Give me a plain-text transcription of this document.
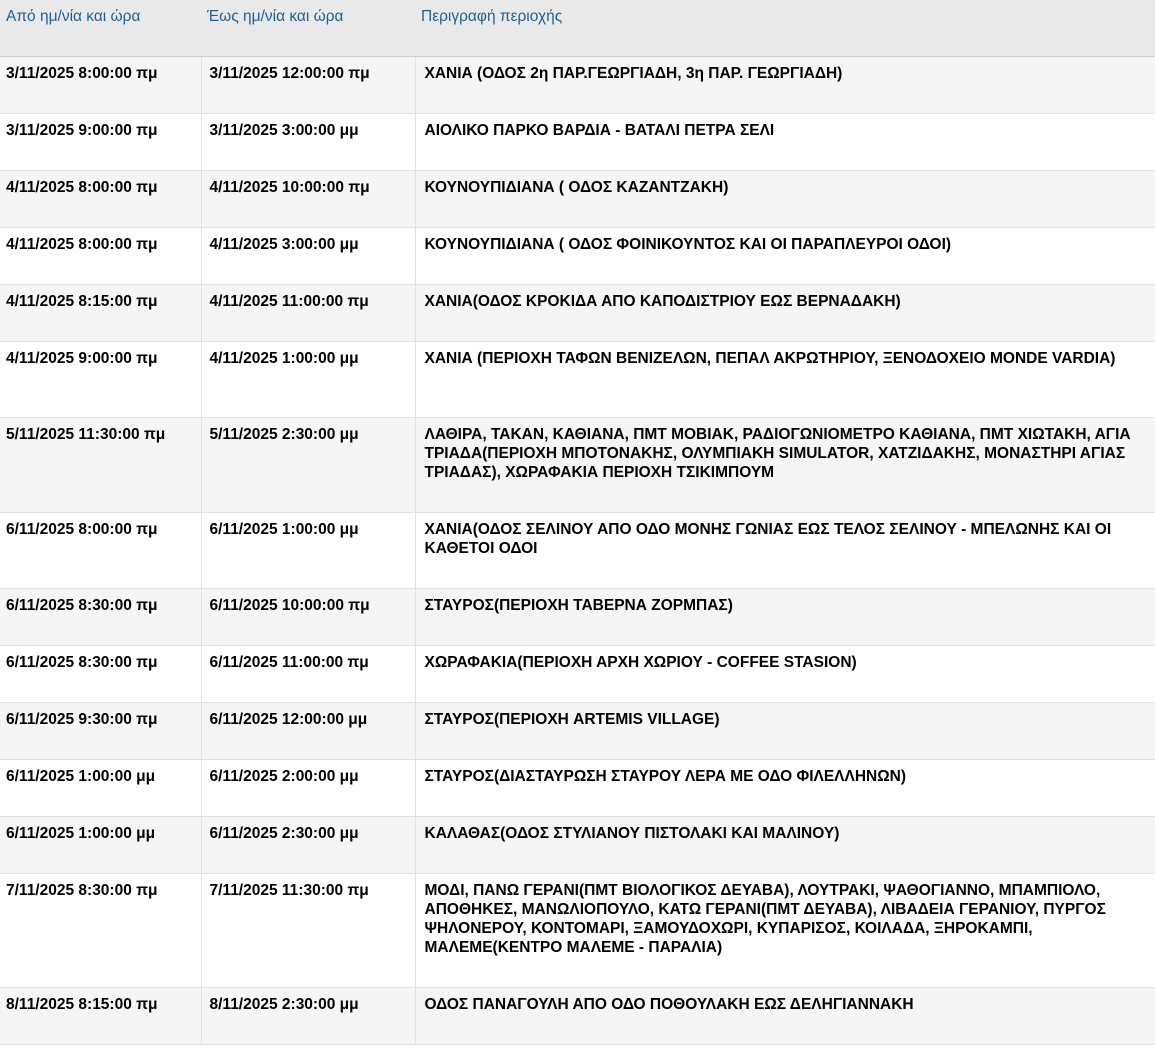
Από ημ/νία και ώρα	Έως ημ/νία και ώρα	Περιγραφή περιοχής
3/11/2025 8:00:00 πμ	3/11/2025 12:00:00 πμ	ΧΑΝΙΑ (ΟΔΟΣ 2η ΠΑΡ.ΓΕΩΡΓΙΑΔΗ, 3η ΠΑΡ. ΓΕΩΡΓΙΑΔΗ)
3/11/2025 9:00:00 πμ	3/11/2025 3:00:00 μμ	ΑΙΟΛΙΚΟ ΠΑΡΚΟ ΒΑΡΔΙΑ - ΒΑΤΑΛΙ ΠΕΤΡΑ ΣΕΛΙ
4/11/2025 8:00:00 πμ	4/11/2025 10:00:00 πμ	ΚΟΥΝΟΥΠΙΔΙΑΝΑ ( ΟΔΟΣ ΚΑΖΑΝΤΖΑΚΗ)
4/11/2025 8:00:00 πμ	4/11/2025 3:00:00 μμ	ΚΟΥΝΟΥΠΙΔΙΑΝΑ ( ΟΔΟΣ ΦΟΙΝΙΚΟΥΝΤΟΣ ΚΑΙ ΟΙ ΠΑΡΑΠΛΕΥΡΟΙ ΟΔΟΙ)
4/11/2025 8:15:00 πμ	4/11/2025 11:00:00 πμ	ΧΑΝΙΑ(ΟΔΟΣ ΚΡΟΚΙΔΑ ΑΠΟ ΚΑΠΟΔΙΣΤΡΙΟΥ ΕΩΣ ΒΕΡΝΑΔΑΚΗ)
4/11/2025 9:00:00 πμ	4/11/2025 1:00:00 μμ	ΧΑΝΙΑ (ΠΕΡΙΟΧΗ ΤΑΦΩΝ ΒΕΝΙΖΕΛΩΝ, ΠΕΠΑΛ ΑΚΡΩΤΗΡΙΟΥ, ΞΕΝΟΔΟΧΕΙΟ MONDE VARDIA)
5/11/2025 11:30:00 πμ	5/11/2025 2:30:00 μμ	ΛΑΘΙΡΑ, ΤΑΚΑΝ, ΚΑΘΙΑΝΑ, ΠΜΤ ΜΟΒΙΑΚ, ΡΑΔΙΟΓΩΝΙΟΜΕΤΡΟ ΚΑΘΙΑΝΑ, ΠΜΤ ΧΙΩΤΑΚΗ, ΑΓΙΑ ΤΡΙΑΔΑ(ΠΕΡΙΟΧΗ ΜΠΟΤΟΝΑΚΗΣ, ΟΛΥΜΠΙΑΚΗ SIMULATOR, ΧΑΤΖΙΔΑΚΗΣ, ΜΟΝΑΣΤΗΡΙ ΑΓΙΑΣ ΤΡΙΑΔΑΣ), ΧΩΡΑΦΑΚΙΑ ΠΕΡΙΟΧΗ ΤΣΙΚΙΜΠΟΥΜ
6/11/2025 8:00:00 πμ	6/11/2025 1:00:00 μμ	ΧΑΝΙΑ(ΟΔΟΣ ΣΕΛΙΝΟΥ ΑΠΟ ΟΔΟ ΜΟΝΗΣ ΓΩΝΙΑΣ ΕΩΣ ΤΕΛΟΣ ΣΕΛΙΝΟΥ - ΜΠΕΛΩΝΗΣ ΚΑΙ ΟΙ ΚΑΘΕΤΟΙ ΟΔΟΙ
6/11/2025 8:30:00 πμ	6/11/2025 10:00:00 πμ	ΣΤΑΥΡΟΣ(ΠΕΡΙΟΧΗ ΤΑΒΕΡΝΑ ΖΟΡΜΠΑΣ)
6/11/2025 8:30:00 πμ	6/11/2025 11:00:00 πμ	ΧΩΡΑΦΑΚΙΑ(ΠΕΡΙΟΧΗ ΑΡΧΗ ΧΩΡΙΟΥ - COFFEE STASION)
6/11/2025 9:30:00 πμ	6/11/2025 12:00:00 μμ	ΣΤΑΥΡΟΣ(ΠΕΡΙΟΧΗ ARTEMIS VILLAGE)
6/11/2025 1:00:00 μμ	6/11/2025 2:00:00 μμ	ΣΤΑΥΡΟΣ(ΔΙΑΣΤΑΥΡΩΣΗ ΣΤΑΥΡΟΥ ΛΕΡΑ ΜΕ ΟΔΟ ΦΙΛΕΛΛΗΝΩΝ)
6/11/2025 1:00:00 μμ	6/11/2025 2:30:00 μμ	ΚΑΛΑΘΑΣ(ΟΔΟΣ ΣΤΥΛΙΑΝΟΥ ΠΙΣΤΟΛΑΚΙ ΚΑΙ ΜΑΛΙΝΟΥ)
7/11/2025 8:30:00 πμ	7/11/2025 11:30:00 πμ	ΜΟΔΙ, ΠΑΝΩ ΓΕΡΑΝΙ(ΠΜΤ ΒΙΟΛΟΓΙΚΟΣ ΔΕΥΑΒΑ), ΛΟΥΤΡΑΚΙ, ΨΑΘΟΓΙΑΝΝΟ, ΜΠΑΜΠΙΟΛΟ, ΑΠΟΘΗΚΕΣ, ΜΑΝΩΛΙΟΠΟΥΛΟ, ΚΑΤΩ ΓΕΡΑΝΙ(ΠΜΤ ΔΕΥΑΒΑ), ΛΙΒΑΔΕΙΑ ΓΕΡΑΝΙΟΥ, ΠΥΡΓΟΣ ΨΗΛΟΝΕΡΟΥ, ΚΟΝΤΟΜΑΡΙ, ΞΑΜΟΥΔΟΧΩΡΙ, ΚΥΠΑΡΙΣΟΣ, ΚΟΙΛΑΔΑ, ΞΗΡΟΚΑΜΠΙ, ΜΑΛΕΜΕ(ΚΕΝΤΡΟ ΜΑΛΕΜΕ - ΠΑΡΑΛΙΑ)
8/11/2025 8:15:00 πμ	8/11/2025 2:30:00 μμ	ΟΔΟΣ ΠΑΝΑΓΟΥΛΗ ΑΠΟ ΟΔΟ ΠΟΘΟΥΛΑΚΗ ΕΩΣ ΔΕΛΗΓΙΑΝΝΑΚΗ
